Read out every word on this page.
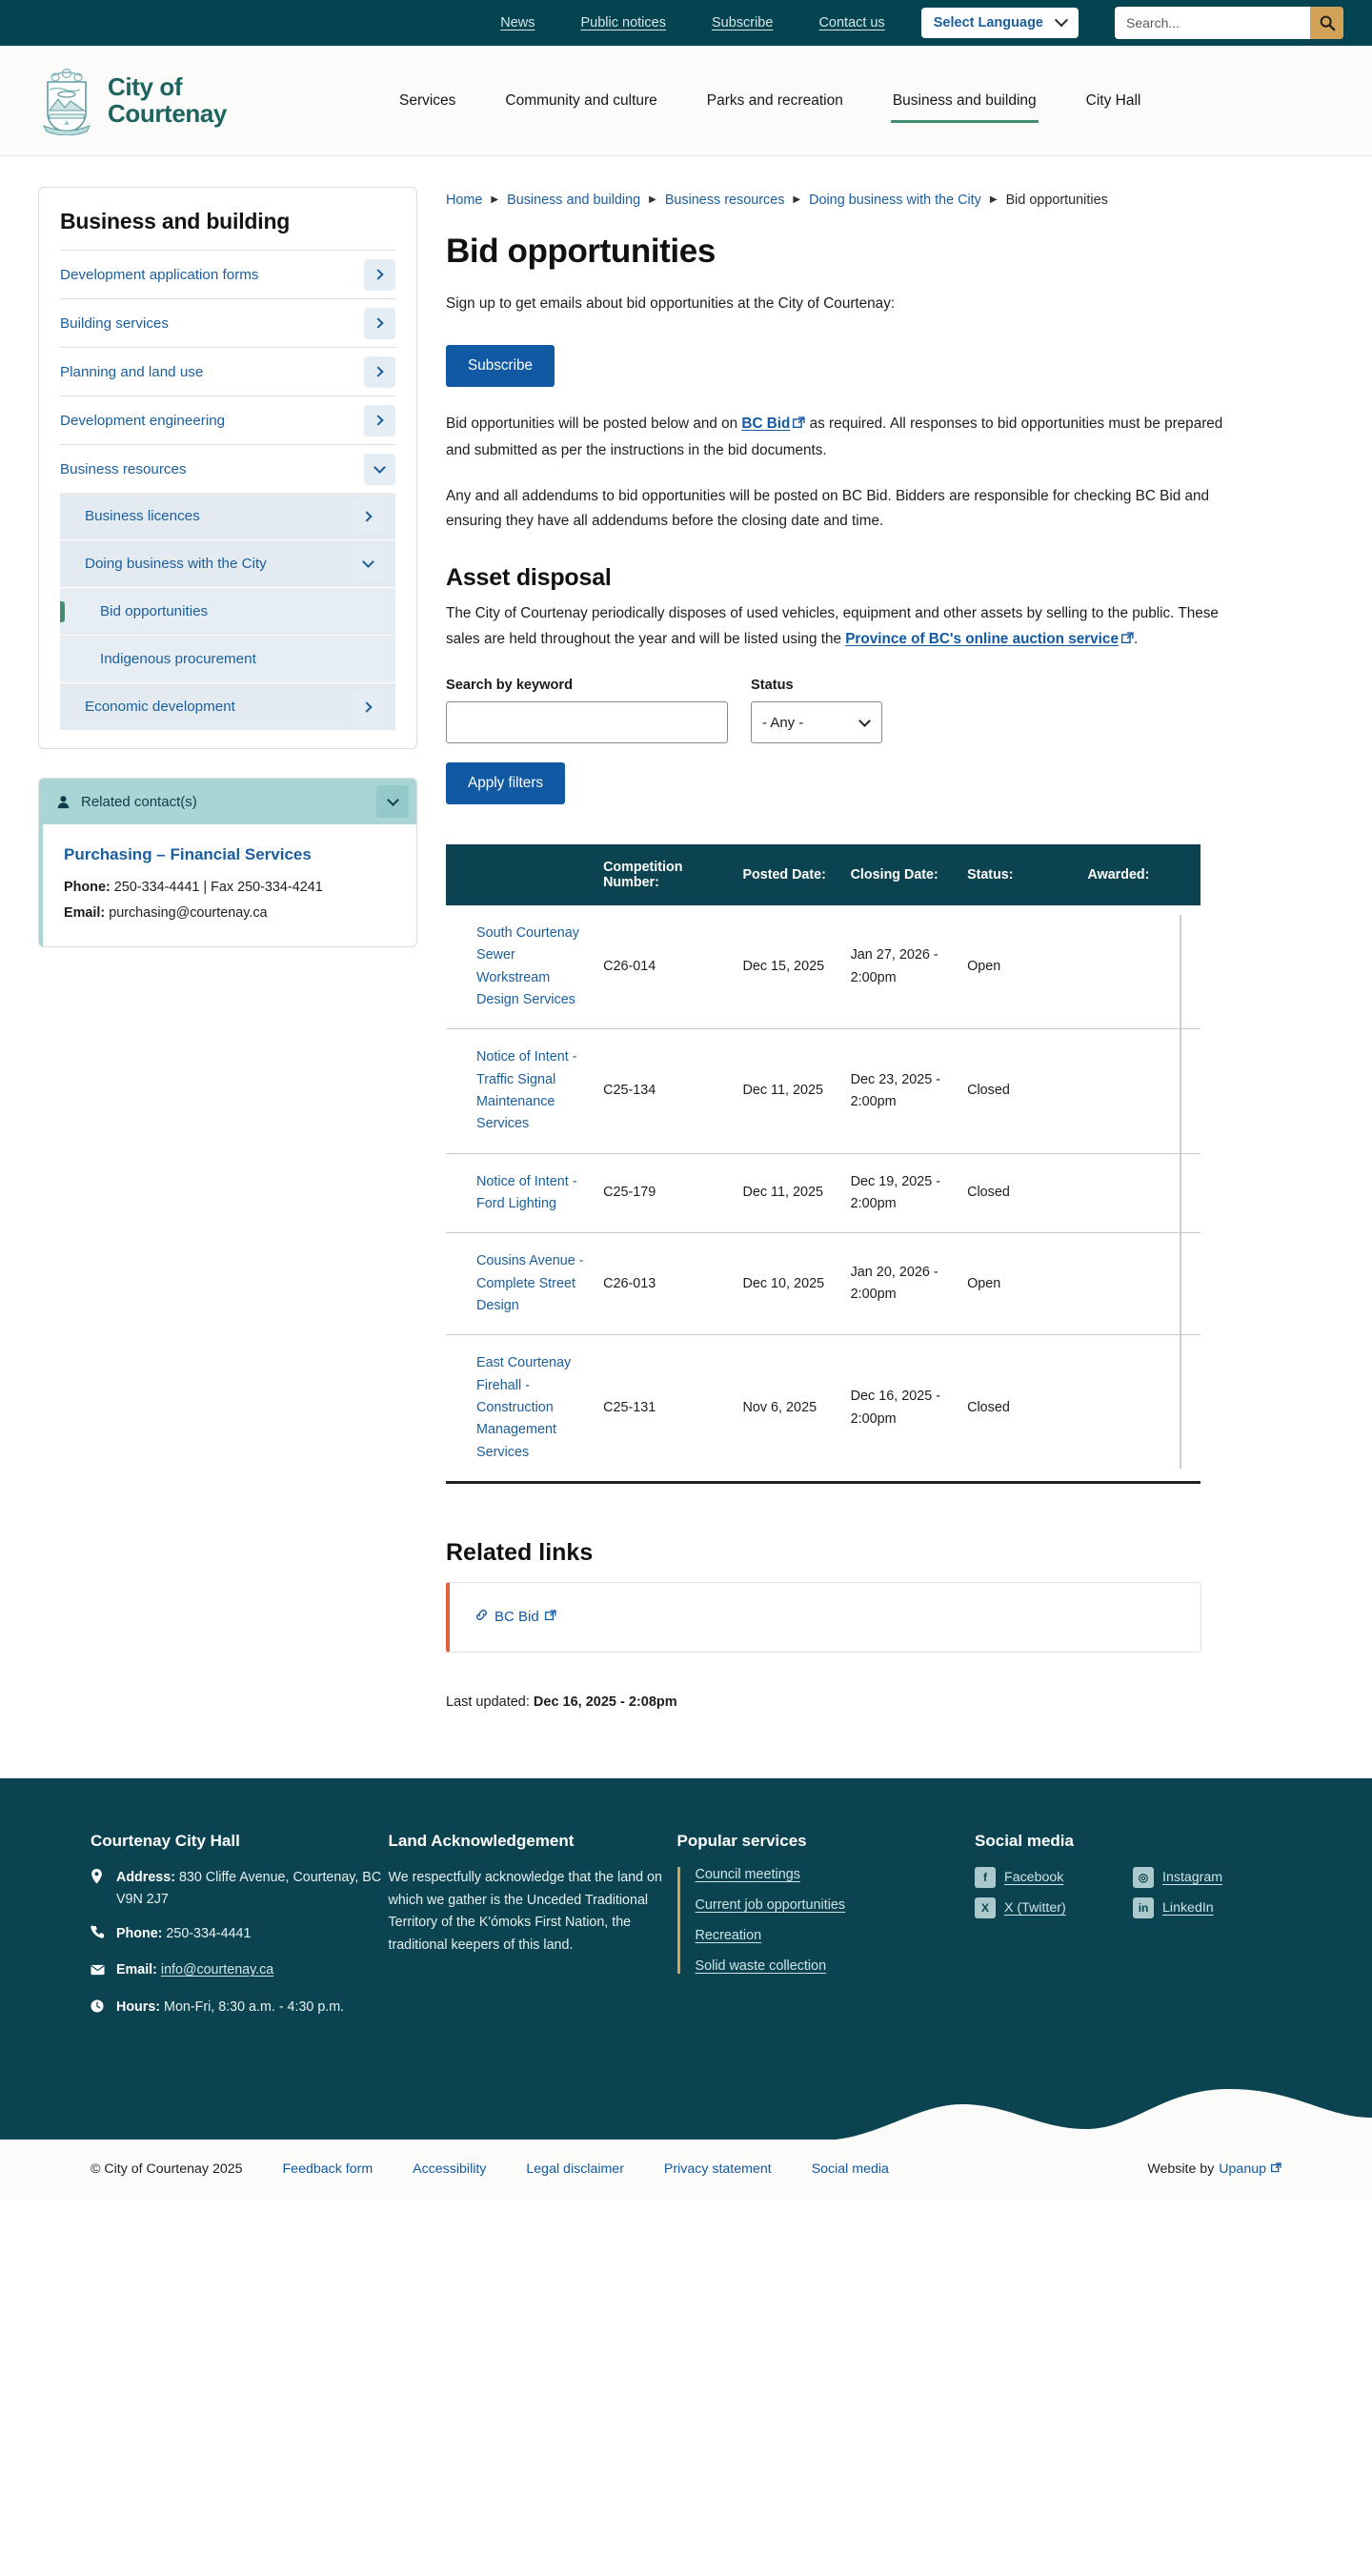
News	Public notices	Subscribe	Contact us	Select Language
Search...
City of
Courtenay	Services	Community and culture	Parks and recreation	Business and building	City Hall
Business and building
Development application forms
Building services
Planning and land use
Development engineering
Business resources
Business licences
Doing business with the City
Bid opportunities
Indigenous procurement
Economic development
Related contact(s)
Purchasing – Financial Services
Phone: 250-334-4441 | Fax 250-334-4241
Email: purchasing@courtenay.ca
Home ▶ Business and building ▶ Business resources ▶ Doing business with the City ▶ Bid opportunities
Bid opportunities

Sign up to get emails about bid opportunities at the City of Courtenay:

Subscribe

Bid opportunities will be posted below and on BC Bid as required. All responses to bid opportunities must be prepared and submitted as per the instructions in the bid documents.

Any and all addendums to bid opportunities will be posted on BC Bid. Bidders are responsible for checking BC Bid and ensuring they have all addendums before the closing date and time.

Asset disposal

The City of Courtenay periodically disposes of used vehicles, equipment and other assets by selling to the public. These sales are held throughout the year and will be listed using the Province of BC's online auction service .

Search by keyword	Status
- Any -
Apply filters
	Competition Number:	Posted Date:	Closing Date:	Status:	Awarded:
South Courtenay Sewer Workstream Design Services	C26-014	Dec 15, 2025	Jan 27, 2026 - 2:00pm	Open	
Notice of Intent - Traffic Signal Maintenance Services	C25-134	Dec 11, 2025	Dec 23, 2025 - 2:00pm	Closed	
Notice of Intent - Ford Lighting	C25-179	Dec 11, 2025	Dec 19, 2025 - 2:00pm	Closed	
Cousins Avenue - Complete Street Design	C26-013	Dec 10, 2025	Jan 20, 2026 - 2:00pm	Open	
East Courtenay Firehall - Construction Management Services	C25-131	Nov 6, 2025	Dec 16, 2025 - 2:00pm	Closed	
Related links
BC Bid

Last updated: Dec 16, 2025 - 2:08pm

Courtenay City Hall
Address: 830 Cliffe Avenue, Courtenay, BC V9N 2J7
Phone: 250-334-4441
Email: info@courtenay.ca
Hours: Mon-Fri, 8:30 a.m. - 4:30 p.m.
Land Acknowledgement
We respectfully acknowledge that the land on which we gather is the Unceded Traditional Territory of the K'ómoks First Nation, the traditional keepers of this land.
Popular services
Council meetings
Current job opportunities
Recreation
Solid waste collection
Social media
f	Facebook	◎	Instagram
X	X (Twitter)	in	LinkedIn
© City of Courtenay 2025	Feedback form	Accessibility	Legal disclaimer	Privacy statement	Social media	Website by Upanup
